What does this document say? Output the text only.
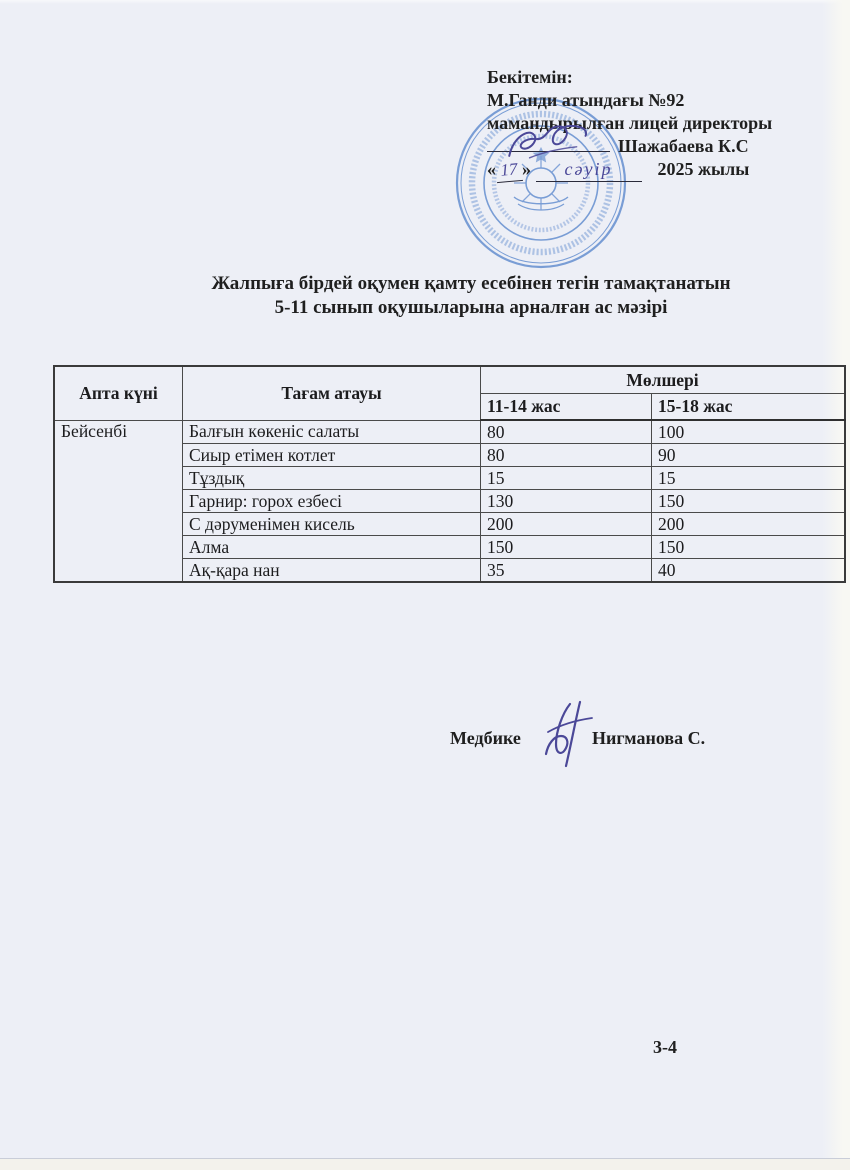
Бекітемін:
М.Ганди атындағы №92
мамандырылған лицей директоры
Шажабаева К.С
« 17 » сәуір	2025 жылы
Жалпыға бірдей оқумен қамту есебінен тегін тамақтанатын
5-11 сынып оқушыларына арналған ас мәзірі
Апта күні	Тағам атауы	Мөлшері	
		11-14 жас	15-18 жас
Бейсенбі	Балғын көкеніс салаты	80	100
	Сиыр етімен котлет	80	90
	Тұздық	15	15
	Гарнир: горох езбесі	130	150
	С дәруменімен кисель	200	200
	Алма	150	150
	Ақ-қара нан	35	40
Медбике	Нигманова С.
3-4
